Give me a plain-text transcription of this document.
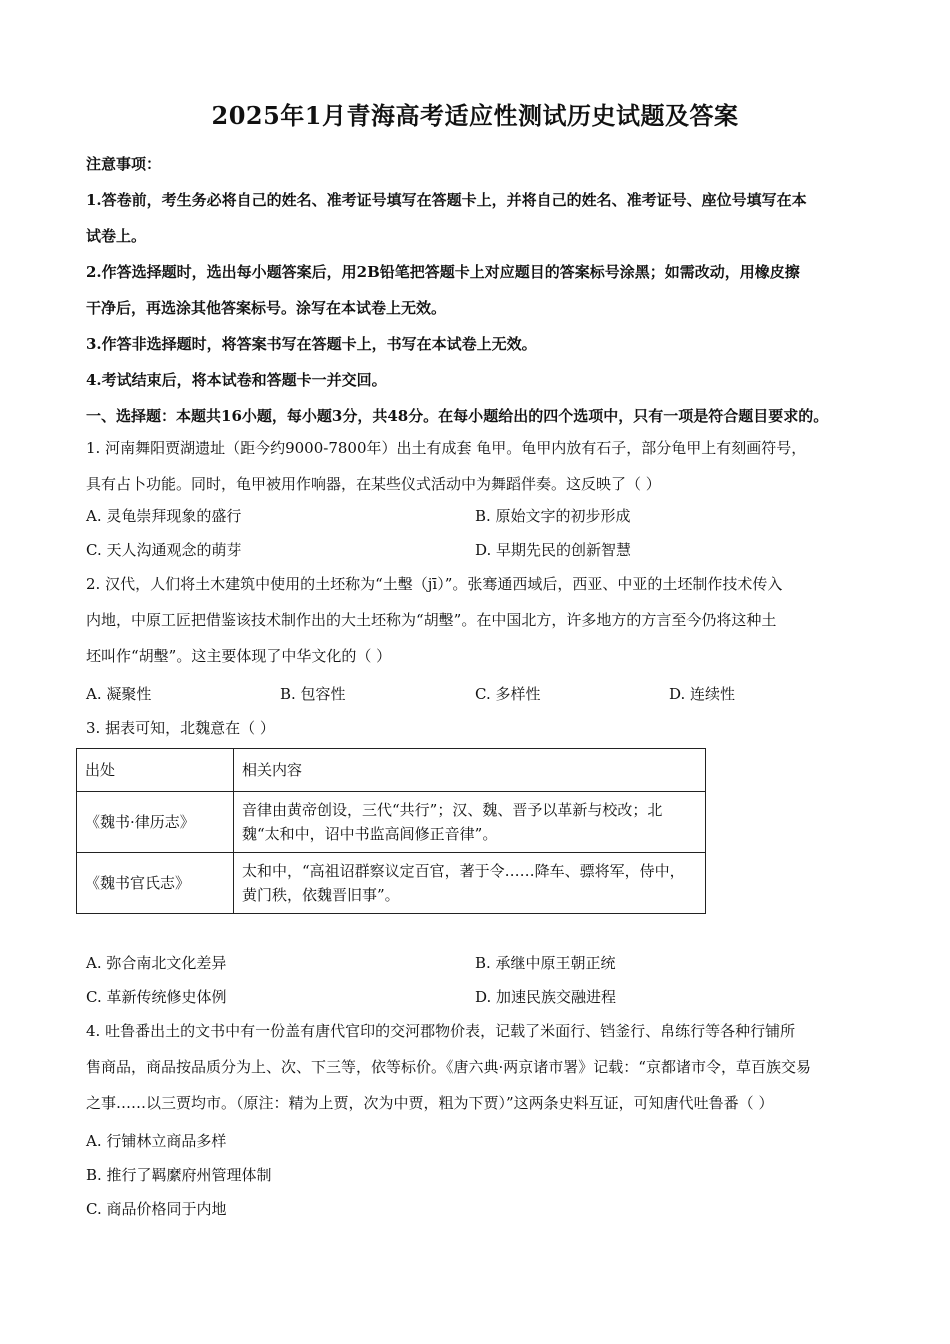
2025年1月青海高考适应性测试历史试题及答案
注意事项：
1.答卷前，考生务必将自己的姓名、准考证号填写在答题卡上，并将自己的姓名、准考证号、座位号填写在本
试卷上。
2.作答选择题时，选出每小题答案后，用2B铅笔把答题卡上对应题目的答案标号涂黑；如需改动，用橡皮擦
干净后，再选涂其他答案标号。涂写在本试卷上无效。
3.作答非选择题时，将答案书写在答题卡上，书写在本试卷上无效。
4.考试结束后，将本试卷和答题卡一并交回。
一、选择题：本题共16小题，每小题3分，共48分。在每小题给出的四个选项中，只有一项是符合题目要求的。
1. 河南舞阳贾湖遗址（距今约9000-7800年）出土有成套 龟甲。龟甲内放有石子，部分龟甲上有刻画符号，
具有占卜功能。同时，龟甲被用作响器，在某些仪式活动中为舞蹈伴奏。这反映了（ ）
A. 灵龟崇拜现象的盛行	B. 原始文字的初步形成
C. 天人沟通观念的萌芽	D. 早期先民的创新智慧
2. 汉代，人们将土木建筑中使用的土坯称为“土墼（jī）”。张骞通西域后，西亚、中亚的土坯制作技术传入
内地，中原工匠把借鉴该技术制作出的大土坯称为“胡墼”。在中国北方，许多地方的方言至今仍将这种土
坯叫作“胡墼”。这主要体现了中华文化的（ ）
A. 凝聚性	B. 包容性	C. 多样性	D. 连续性
3. 据表可知，北魏意在（ ）
出处	相关内容
《魏书·律历志》	音律由黄帝创设，三代“共行”；汉、魏、晋予以革新与校改；北魏“太和中，诏中书监高闾修正音律”。
《魏书官氏志》	太和中，“高祖诏群察议定百官，著于令……降车、骠将军，侍中，黄门秩，依魏晋旧事”。
A. 弥合南北文化差异	B. 承继中原王朝正统
C. 革新传统修史体例	D. 加速民族交融进程
4. 吐鲁番出土的文书中有一份盖有唐代官印的交河郡物价表，记载了米面行、铛釜行、帛练行等各种行铺所
售商品，商品按品质分为上、次、下三等，依等标价。《唐六典·两京诸市署》记载：“京都诸市令，草百族交易
之事……以三贾均市。（原注：精为上贾，次为中贾，粗为下贾）”这两条史料互证，可知唐代吐鲁番（ ）
A. 行铺林立商品多样
B. 推行了羁縻府州管理体制
C. 商品价格同于内地
